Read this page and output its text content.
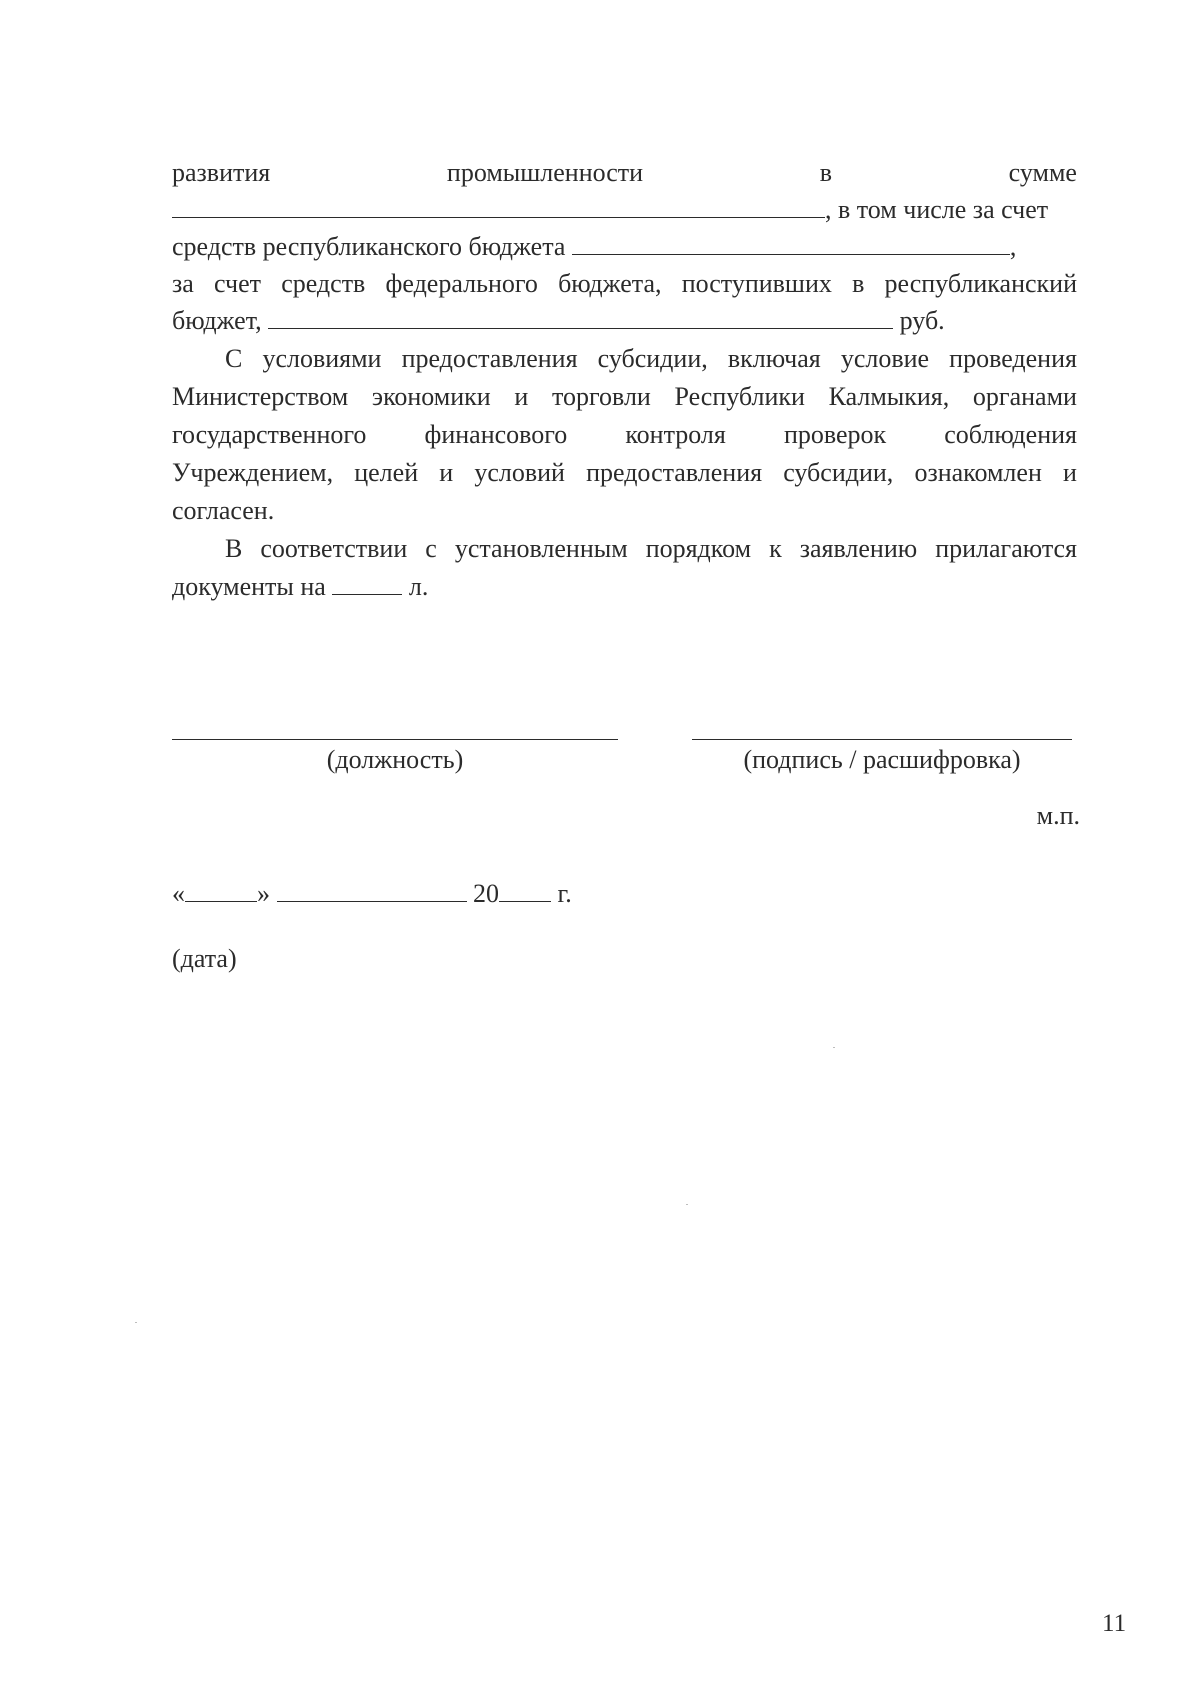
развития	промышленности	в	сумме
, в том числе за счет
средств республиканского бюджета	,
за счет средств федерального бюджета, поступивших в республиканский
бюджет,	руб.
С условиями предоставления субсидии, включая условие проведения
Министерством экономики и торговли Республики Калмыкия, органами
государственного финансового контроля проверок соблюдения
Учреждением, целей и условий предоставления субсидии, ознакомлен и
согласен.
В соответствии с установленным порядком к заявлению прилагаются
документы на	л.
(должность)	(подпись / расшифровка)
м.п.
«	»	20 г.
(дата)
11
